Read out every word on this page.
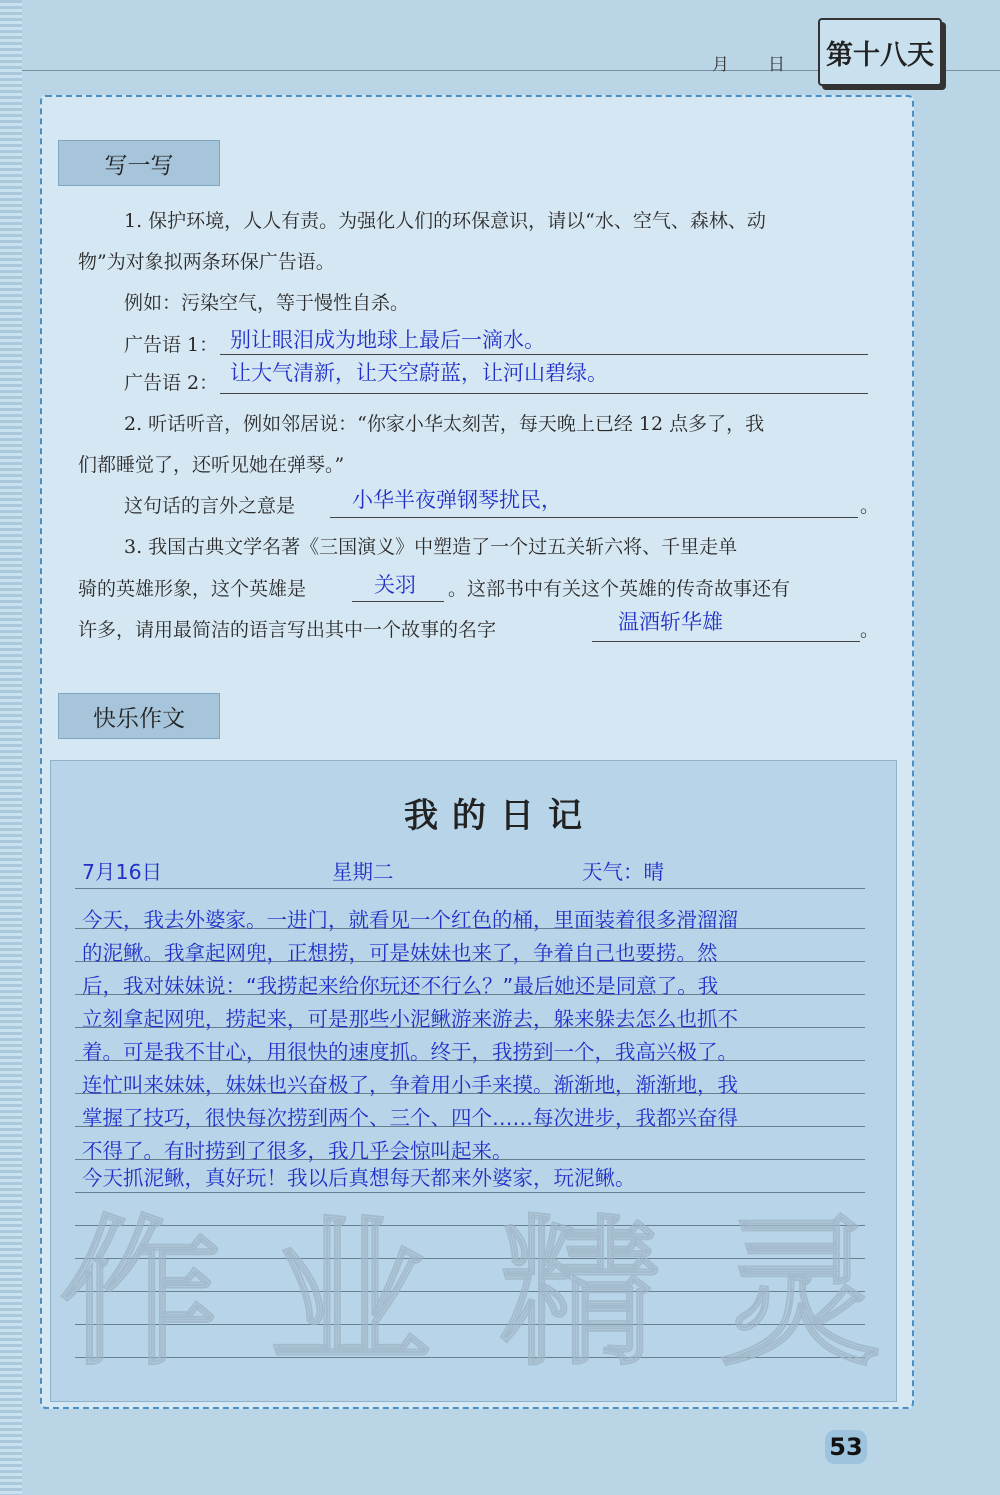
月 日 第十八天
写一写
1. 保护环境，人人有责。为强化人们的环保意识，请以“水、空气、森林、动
物”为对象拟两条环保广告语。
例如：污染空气，等于慢性自杀。
广告语 1： 别让眼泪成为地球上最后一滴水。
广告语 2： 让大气清新，让天空蔚蓝，让河山碧绿。
2. 听话听音，例如邻居说：“你家小华太刻苦，每天晚上已经 12 点多了，我
们都睡觉了，还听见她在弹琴。”
这句话的言外之意是	小华半夜弹钢琴扰民，	。
3. 我国古典文学名著《三国演义》中塑造了一个过五关斩六将、千里走单
骑的英雄形象，这个英雄是	关羽 。这部书中有关这个英雄的传奇故事还有
许多，请用最简洁的语言写出其中一个故事的名字	温酒斩华雄	。
快乐作文
我的日记
7月16日	星期二	天气：晴
今天，我去外婆家。一进门，就看见一个红色的桶，里面装着很多滑溜溜
的泥鳅。我拿起网兜，正想捞，可是妹妹也来了，争着自己也要捞。然
后，我对妹妹说：“我捞起来给你玩还不行么？”最后她还是同意了。我
立刻拿起网兜，捞起来，可是那些小泥鳅游来游去，躲来躲去怎么也抓不
着。可是我不甘心，用很快的速度抓。终于，我捞到一个，我高兴极了。
连忙叫来妹妹，妹妹也兴奋极了，争着用小手来摸。渐渐地，渐渐地，我
掌握了技巧，很快每次捞到两个、三个、四个……每次进步，我都兴奋得
不得了。有时捞到了很多，我几乎会惊叫起来。
今天抓泥鳅，真好玩！我以后真想每天都来外婆家，玩泥鳅。
作 业 精 灵
53
